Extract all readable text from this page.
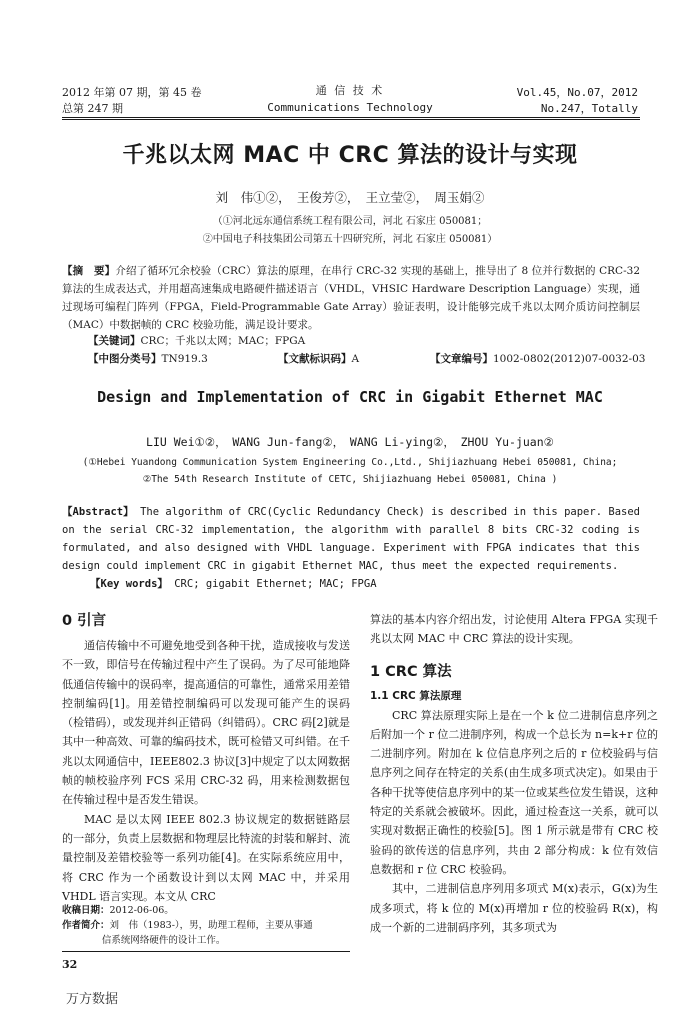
2012 年第 07 期，第 45 卷
总第 247 期
通 信 技 术
Communications Technology
Vol.45，No.07，2012
No.247，Totally
千兆以太网 MAC 中 CRC 算法的设计与实现
刘　伟①②，　王俊芳②，　王立莹②，　周玉娟②
（①河北远东通信系统工程有限公司，河北 石家庄 050081；
②中国电子科技集团公司第五十四研究所，河北 石家庄 050081）
【摘　要】介绍了循环冗余校验（CRC）算法的原理，在串行 CRC-32 实现的基础上，推导出了 8 位并行数据的 CRC-32 算法的生成表达式，并用超高速集成电路硬件描述语言（VHDL，VHSIC Hardware Description Language）实现，通过现场可编程门阵列（FPGA，Field-Programmable Gate Array）验证表明，设计能够完成千兆以太网介质访问控制层（MAC）中数据帧的 CRC 校验功能，满足设计要求。
【关键词】CRC；千兆以太网；MAC；FPGA
【中图分类号】TN919.3	【文献标识码】A	【文章编号】1002-0802(2012)07-0032-03
Design and Implementation of CRC in Gigabit Ethernet MAC
LIU Wei①②，　WANG Jun-fang②，　WANG Li-ying②，　ZHOU Yu-juan②
(①Hebei Yuandong Communication System Engineering Co.,Ltd., Shijiazhuang Hebei 050081, China;
②The 54th Research Institute of CETC, Shijiazhuang Hebei 050081, China )
【Abstract】 The algorithm of CRC(Cyclic Redundancy Check) is described in this paper. Based on the serial CRC-32 implementation, the algorithm with parallel 8 bits CRC-32 coding is formulated, and also designed with VHDL language. Experiment with FPGA indicates that this design could implement CRC in gigabit Ethernet MAC, thus meet the expected requirements.
【Key words】 CRC; gigabit Ethernet; MAC; FPGA
0 引言

通信传输中不可避免地受到各种干扰，造成接收与发送不一致，即信号在传输过程中产生了误码。为了尽可能地降低通信传输中的误码率，提高通信的可靠性，通常采用差错控制编码[1]。用差错控制编码可以发现可能产生的误码（检错码），或发现并纠正错码（纠错码）。CRC 码[2]就是其中一种高效、可靠的编码技术，既可检错又可纠错。在千兆以太网通信中，IEEE802.3 协议[3]中规定了以太网数据帧的帧校验序列 FCS 采用 CRC-32 码，用来检测数据包在传输过程中是否发生错误。

MAC 是以太网 IEEE 802.3 协议规定的数据链路层的一部分，负责上层数据和物理层比特流的封装和解封、流量控制及差错校验等一系列功能[4]。在实际系统应用中，将 CRC 作为一个函数设计到以太网 MAC 中，并采用 VHDL 语言实现。本文从 CRC

收稿日期：2012-06-06。
作者简介：刘　伟（1983-），男，助理工程师，主要从事通
信系统网络硬件的设计工作。

算法的基本内容介绍出发，讨论使用 Altera FPGA 实现千兆以太网 MAC 中 CRC 算法的设计实现。

1 CRC 算法
1.1 CRC 算法原理

CRC 算法原理实际上是在一个 k 位二进制信息序列之后附加一个 r 位二进制序列，构成一个总长为 n=k+r 位的二进制序列。附加在 k 位信息序列之后的 r 位校验码与信息序列之间存在特定的关系(由生成多项式决定)。如果由于各种干扰等使信息序列中的某一位或某些位发生错误，这种特定的关系就会被破坏。因此，通过检查这一关系，就可以实现对数据正确性的校验[5]。图 1 所示就是带有 CRC 校验码的欲传送的信息序列，共由 2 部分构成：k 位有效信息数据和 r 位 CRC 校验码。

其中，二进制信息序列用多项式 M(x)表示，G(x)为生成多项式，将 k 位的 M(x)再增加 r 位的校验码 R(x)，构成一个新的二进制码序列，其多项式为

32
万方数据
